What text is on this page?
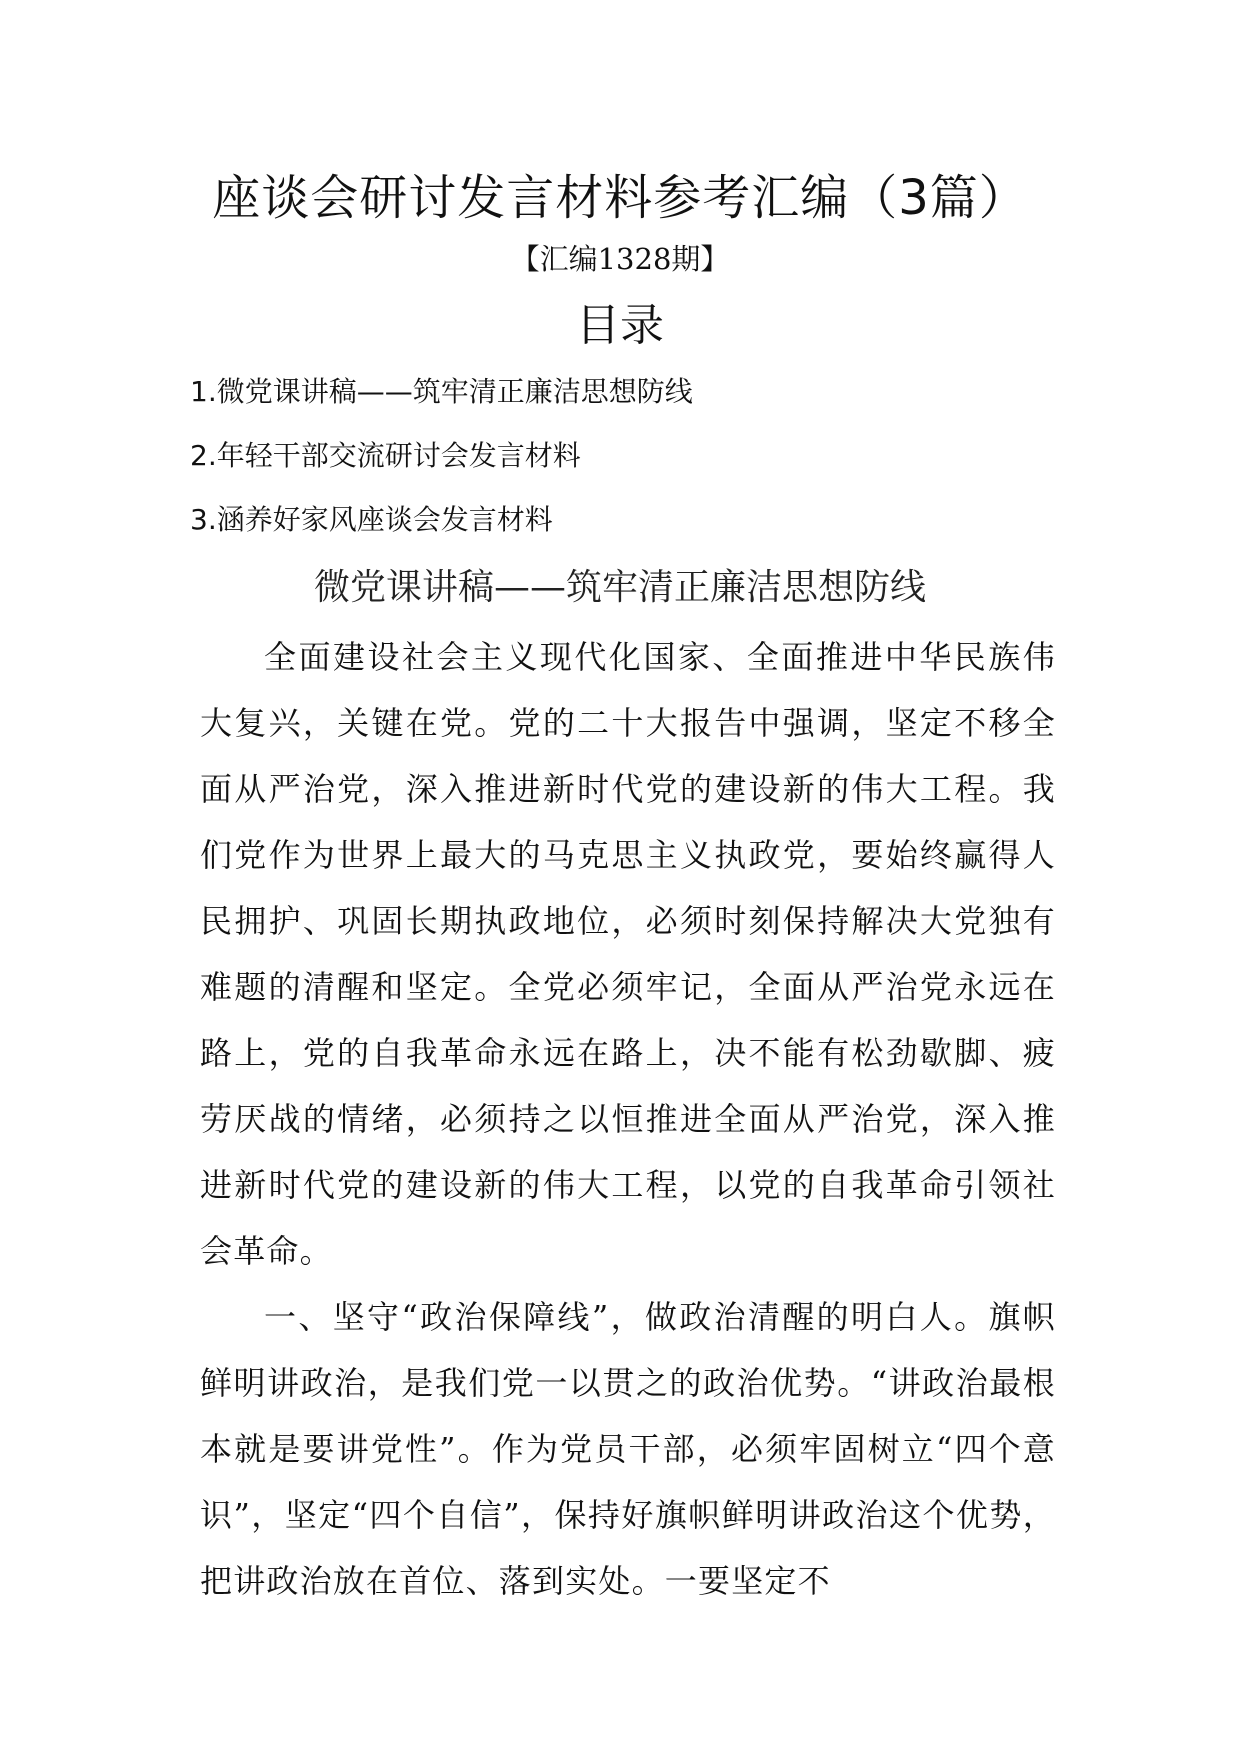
座谈会研讨发言材料参考汇编（3篇）
【汇编1328期】
目录
1.微党课讲稿——筑牢清正廉洁思想防线
2.年轻干部交流研讨会发言材料
3.涵养好家风座谈会发言材料
微党课讲稿——筑牢清正廉洁思想防线

全面建设社会主义现代化国家、全面推进中华民族伟大复兴，关键在党。党的二十大报告中强调，坚定不移全面从严治党，深入推进新时代党的建设新的伟大工程。我们党作为世界上最大的马克思主义执政党，要始终赢得人民拥护、巩固长期执政地位，必须时刻保持解决大党独有难题的清醒和坚定。全党必须牢记，全面从严治党永远在路上，党的自我革命永远在路上，决不能有松劲歇脚、疲劳厌战的情绪，必须持之以恒推进全面从严治党，深入推进新时代党的建设新的伟大工程，以党的自我革命引领社会革命。

一、坚守“政治保障线”，做政治清醒的明白人。旗帜鲜明讲政治，是我们党一以贯之的政治优势。“讲政治最根本就是要讲党性”。作为党员干部，必须牢固树立“四个意识”，坚定“四个自信”，保持好旗帜鲜明讲政治这个优势，把讲政治放在首位、落到实处。一要坚定不
